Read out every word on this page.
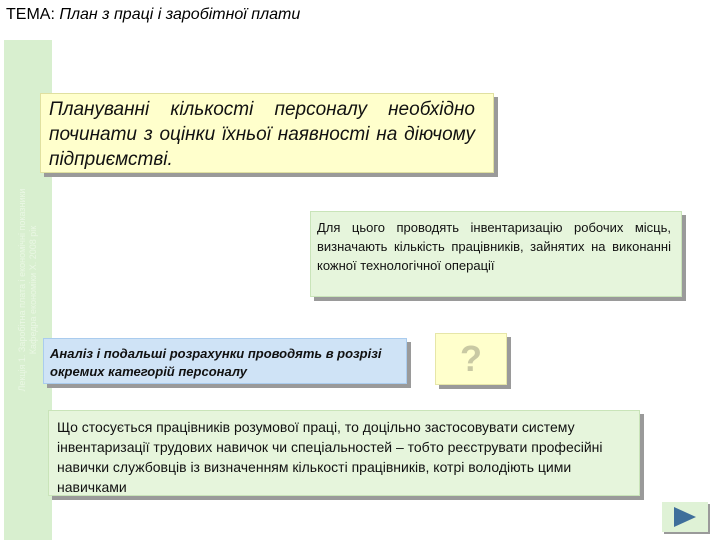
ТЕМА: План з праці і заробітної плати
Лекція 1. Заробітна плата і економічні показники Кафедра економіки Х. 2008 рік
Плануванні кількості персоналу необхідно починати з оцінки їхньої наявності на діючому підприємстві.
Для цього проводять інвентаризацію робочих місць, визначають кількість працівників, зайнятих на виконанні кожної технологічної операції
Аналіз і подальші розрахунки проводять в розрізі окремих категорій персоналу	?
Що стосується працівників розумової праці, то доцільно застосовувати систему інвентаризації трудових навичок чи спеціальностей – тобто реєструвати професійні навички службовців із визначенням кількості працівників, котрі володіють цими навичками
